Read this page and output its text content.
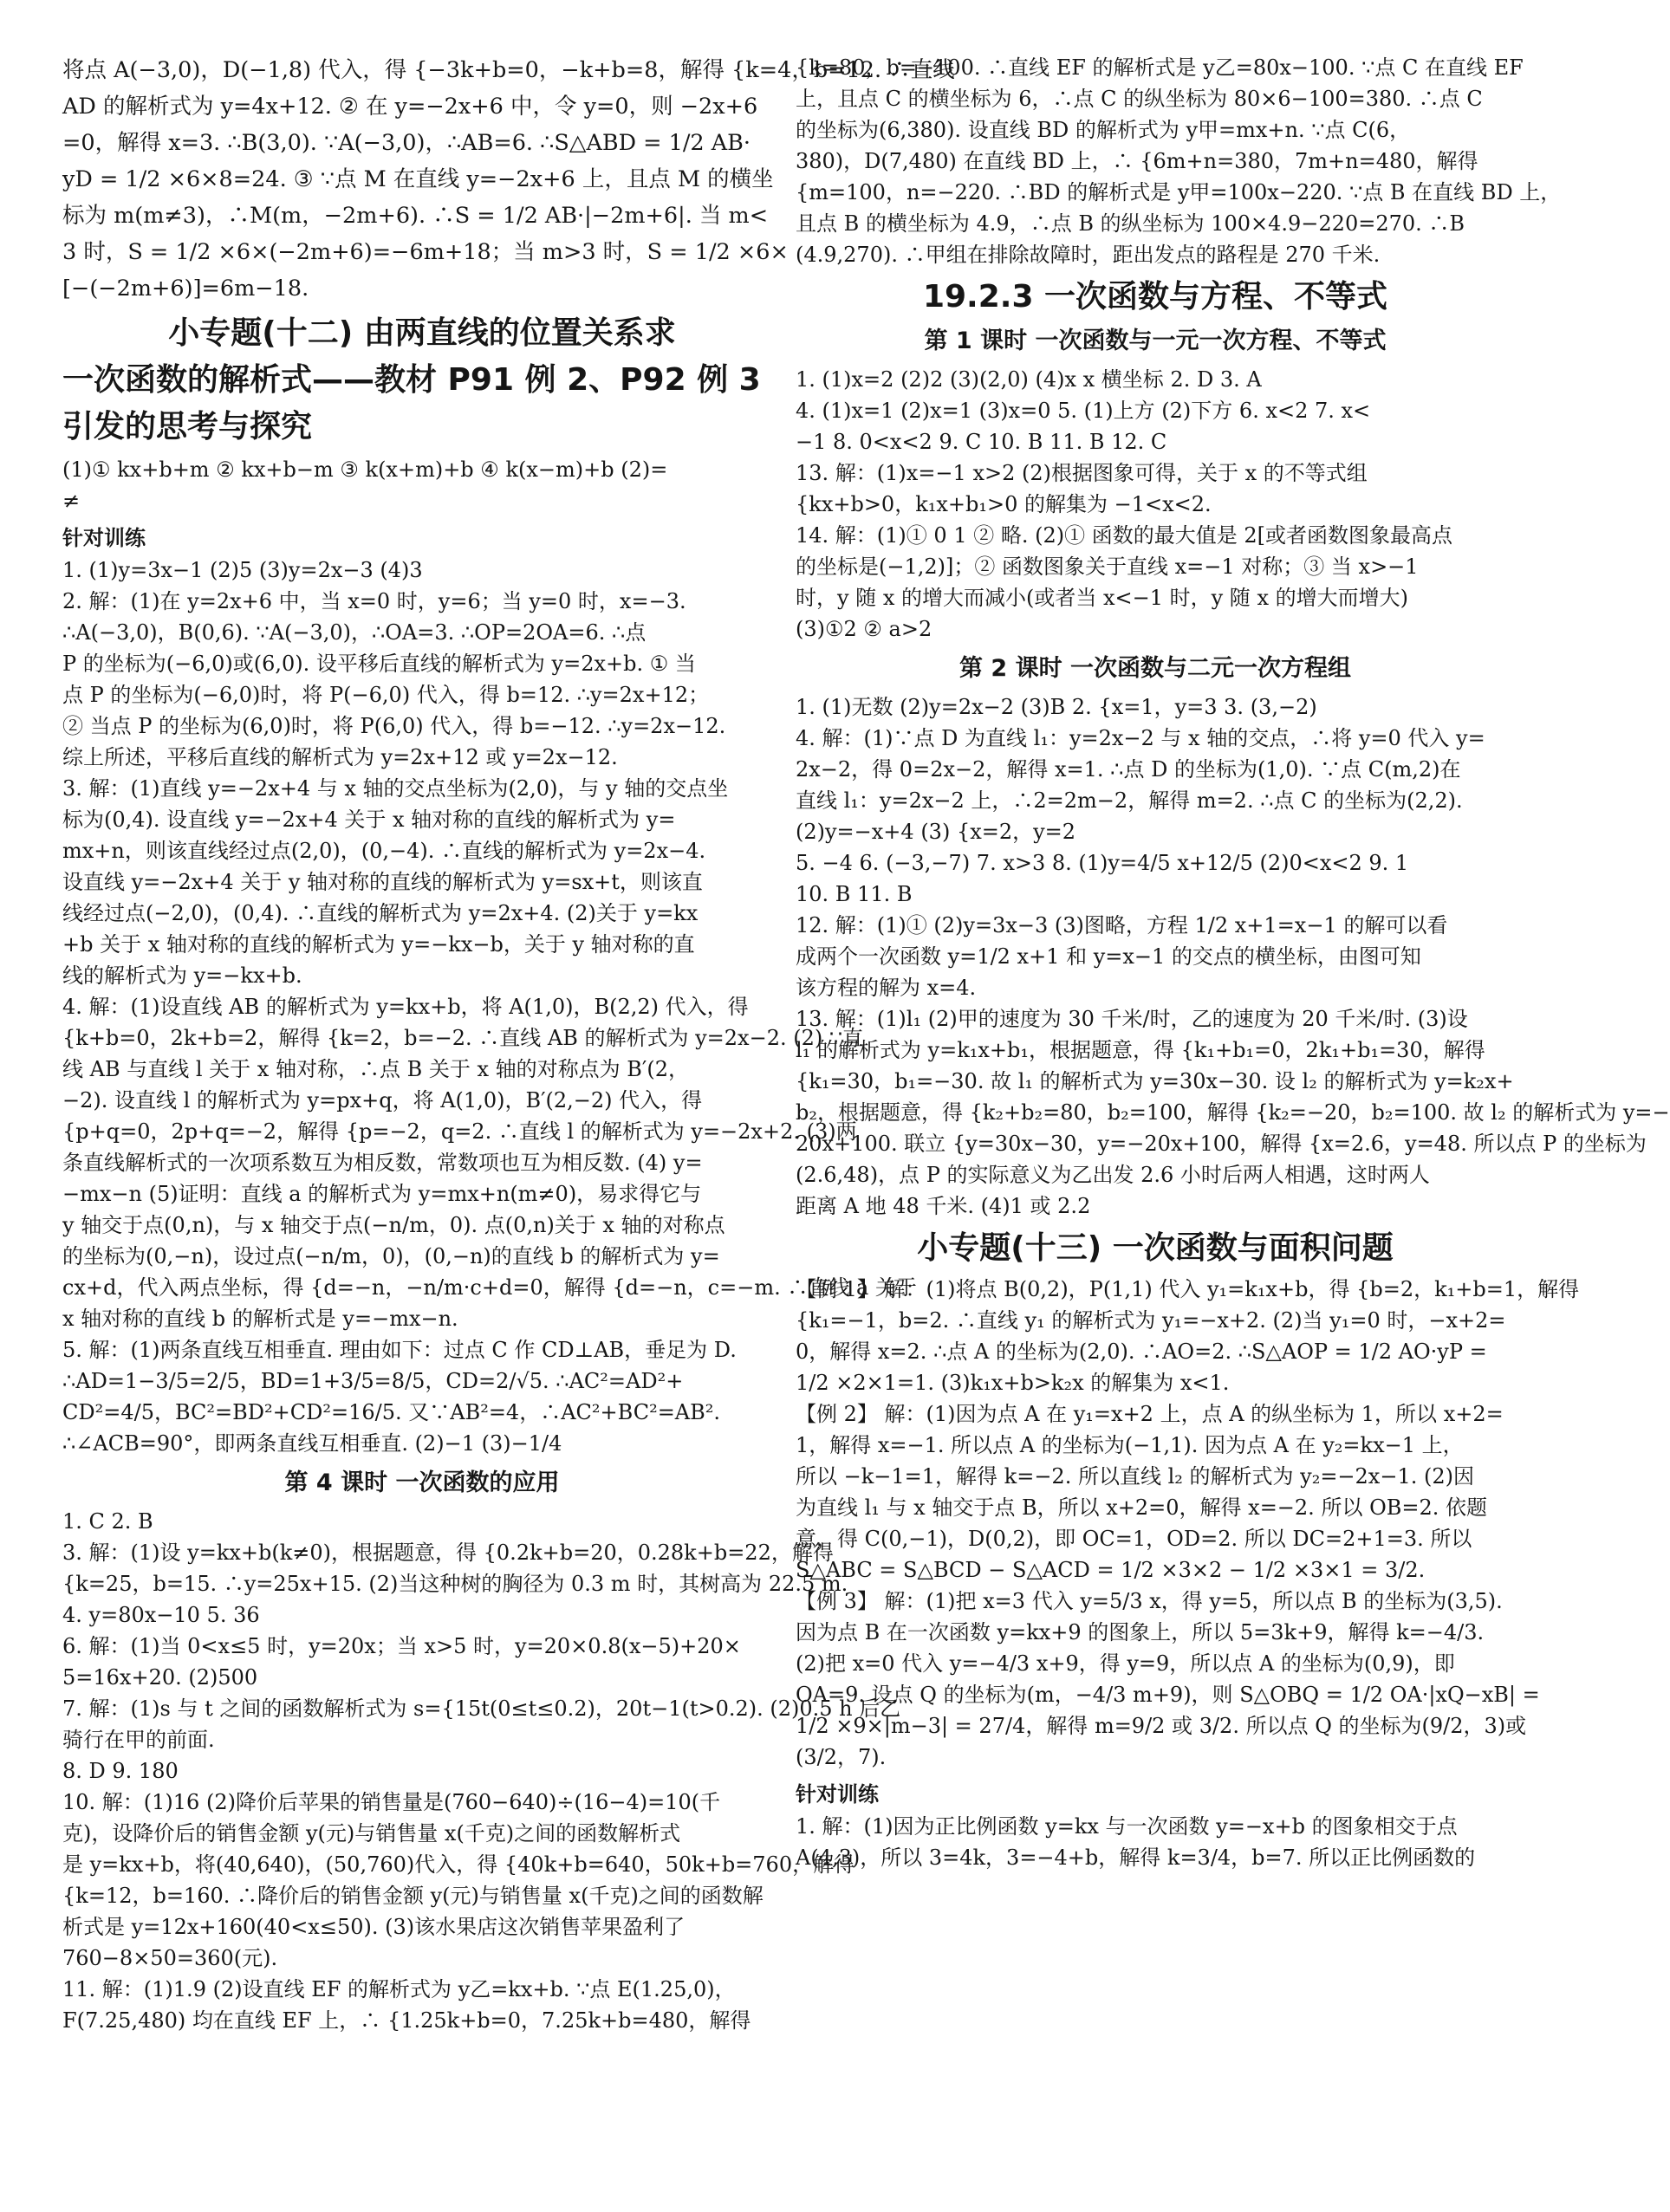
将点 A(−3,0)，D(−1,8) 代入，得 {−3k+b=0，−k+b=8，解得 {k=4，b=12. ∴直线

AD 的解析式为 y=4x+12. ② 在 y=−2x+6 中，令 y=0，则 −2x+6

=0，解得 x=3. ∴B(3,0). ∵A(−3,0)，∴AB=6. ∴S△ABD = 1/2 AB·

yD = 1/2 ×6×8=24. ③ ∵点 M 在直线 y=−2x+6 上，且点 M 的横坐

标为 m(m≠3)，∴M(m，−2m+6). ∴S = 1/2 AB·|−2m+6|. 当 m<

3 时，S = 1/2 ×6×(−2m+6)=−6m+18；当 m>3 时，S = 1/2 ×6×

[−(−2m+6)]=6m−18.

小专题(十二) 由两直线的位置关系求

一次函数的解析式——教材 P91 例 2、P92 例 3

引发的思考与探究

(1)① kx+b+m ② kx+b−m ③ k(x+m)+b ④ k(x−m)+b (2)=

≠

针对训练

1. (1)y=3x−1 (2)5 (3)y=2x−3 (4)3

2. 解：(1)在 y=2x+6 中，当 x=0 时，y=6；当 y=0 时，x=−3.

∴A(−3,0)，B(0,6). ∵A(−3,0)，∴OA=3. ∴OP=2OA=6. ∴点

P 的坐标为(−6,0)或(6,0). 设平移后直线的解析式为 y=2x+b. ① 当

点 P 的坐标为(−6,0)时，将 P(−6,0) 代入，得 b=12. ∴y=2x+12；

② 当点 P 的坐标为(6,0)时，将 P(6,0) 代入，得 b=−12. ∴y=2x−12.

综上所述，平移后直线的解析式为 y=2x+12 或 y=2x−12.

3. 解：(1)直线 y=−2x+4 与 x 轴的交点坐标为(2,0)，与 y 轴的交点坐

标为(0,4). 设直线 y=−2x+4 关于 x 轴对称的直线的解析式为 y=

mx+n，则该直线经过点(2,0)，(0,−4). ∴直线的解析式为 y=2x−4.

设直线 y=−2x+4 关于 y 轴对称的直线的解析式为 y=sx+t，则该直

线经过点(−2,0)，(0,4). ∴直线的解析式为 y=2x+4. (2)关于 y=kx

+b 关于 x 轴对称的直线的解析式为 y=−kx−b，关于 y 轴对称的直

线的解析式为 y=−kx+b.

4. 解：(1)设直线 AB 的解析式为 y=kx+b，将 A(1,0)，B(2,2) 代入，得

{k+b=0，2k+b=2，解得 {k=2，b=−2. ∴直线 AB 的解析式为 y=2x−2. (2) ∵直

线 AB 与直线 l 关于 x 轴对称，∴点 B 关于 x 轴的对称点为 B′(2，

−2). 设直线 l 的解析式为 y=px+q，将 A(1,0)，B′(2,−2) 代入，得

{p+q=0，2p+q=−2，解得 {p=−2，q=2. ∴直线 l 的解析式为 y=−2x+2. (3)两

条直线解析式的一次项系数互为相反数，常数项也互为相反数. (4) y=

−mx−n (5)证明：直线 a 的解析式为 y=mx+n(m≠0)，易求得它与

y 轴交于点(0,n)，与 x 轴交于点(−n/m，0). 点(0,n)关于 x 轴的对称点

的坐标为(0,−n)，设过点(−n/m，0)，(0,−n)的直线 b 的解析式为 y=

cx+d，代入两点坐标，得 {d=−n，−n/m·c+d=0，解得 {d=−n，c=−m. ∴直线 a 关于

x 轴对称的直线 b 的解析式是 y=−mx−n.

5. 解：(1)两条直线互相垂直. 理由如下：过点 C 作 CD⊥AB，垂足为 D.

∴AD=1−3/5=2/5，BD=1+3/5=8/5，CD=2/√5. ∴AC²=AD²+

CD²=4/5，BC²=BD²+CD²=16/5. 又∵AB²=4，∴AC²+BC²=AB².

∴∠ACB=90°，即两条直线互相垂直. (2)−1 (3)−1/4

第 4 课时 一次函数的应用

1. C 2. B

3. 解：(1)设 y=kx+b(k≠0)，根据题意，得 {0.2k+b=20，0.28k+b=22，解得

{k=25，b=15. ∴y=25x+15. (2)当这种树的胸径为 0.3 m 时，其树高为 22.5 m.

4. y=80x−10 5. 36

6. 解：(1)当 0<x≤5 时，y=20x；当 x>5 时，y=20×0.8(x−5)+20×

5=16x+20. (2)500

7. 解：(1)s 与 t 之间的函数解析式为 s={15t(0≤t≤0.2)，20t−1(t>0.2). (2)0.5 h 后乙

骑行在甲的前面.

8. D 9. 180

10. 解：(1)16 (2)降价后苹果的销售量是(760−640)÷(16−4)=10(千

克)，设降价后的销售金额 y(元)与销售量 x(千克)之间的函数解析式

是 y=kx+b，将(40,640)，(50,760)代入，得 {40k+b=640，50k+b=760，解得

{k=12，b=160. ∴降价后的销售金额 y(元)与销售量 x(千克)之间的函数解

析式是 y=12x+160(40<x≤50). (3)该水果店这次销售苹果盈利了

760−8×50=360(元).

11. 解：(1)1.9 (2)设直线 EF 的解析式为 y乙=kx+b. ∵点 E(1.25,0)，

F(7.25,480) 均在直线 EF 上，∴ {1.25k+b=0，7.25k+b=480，解得

{k=80，b=−100. ∴直线 EF 的解析式是 y乙=80x−100. ∵点 C 在直线 EF

上，且点 C 的横坐标为 6，∴点 C 的纵坐标为 80×6−100=380. ∴点 C

的坐标为(6,380). 设直线 BD 的解析式为 y甲=mx+n. ∵点 C(6，

380)，D(7,480) 在直线 BD 上，∴ {6m+n=380，7m+n=480，解得

{m=100，n=−220. ∴BD 的解析式是 y甲=100x−220. ∵点 B 在直线 BD 上，

且点 B 的横坐标为 4.9，∴点 B 的纵坐标为 100×4.9−220=270. ∴B

(4.9,270). ∴甲组在排除故障时，距出发点的路程是 270 千米.

19.2.3 一次函数与方程、不等式

第 1 课时 一次函数与一元一次方程、不等式

1. (1)x=2 (2)2 (3)(2,0) (4)x x 横坐标 2. D 3. A

4. (1)x=1 (2)x=1 (3)x=0 5. (1)上方 (2)下方 6. x<2 7. x<

−1 8. 0<x<2 9. C 10. B 11. B 12. C

13. 解：(1)x=−1 x>2 (2)根据图象可得，关于 x 的不等式组

{kx+b>0，k₁x+b₁>0 的解集为 −1<x<2.

14. 解：(1)① 0 1 ② 略. (2)① 函数的最大值是 2[或者函数图象最高点

的坐标是(−1,2)]；② 函数图象关于直线 x=−1 对称；③ 当 x>−1

时，y 随 x 的增大而减小(或者当 x<−1 时，y 随 x 的增大而增大)

(3)①2 ② a>2

第 2 课时 一次函数与二元一次方程组

1. (1)无数 (2)y=2x−2 (3)B 2. {x=1，y=3 3. (3,−2)

4. 解：(1)∵点 D 为直线 l₁：y=2x−2 与 x 轴的交点，∴将 y=0 代入 y=

2x−2，得 0=2x−2，解得 x=1. ∴点 D 的坐标为(1,0). ∵点 C(m,2)在

直线 l₁：y=2x−2 上，∴2=2m−2，解得 m=2. ∴点 C 的坐标为(2,2).

(2)y=−x+4 (3) {x=2，y=2

5. −4 6. (−3,−7) 7. x>3 8. (1)y=4/5 x+12/5 (2)0<x<2 9. 1

10. B 11. B

12. 解：(1)① (2)y=3x−3 (3)图略，方程 1/2 x+1=x−1 的解可以看

成两个一次函数 y=1/2 x+1 和 y=x−1 的交点的横坐标，由图可知

该方程的解为 x=4.

13. 解：(1)l₁ (2)甲的速度为 30 千米/时，乙的速度为 20 千米/时. (3)设

l₁ 的解析式为 y=k₁x+b₁，根据题意，得 {k₁+b₁=0，2k₁+b₁=30，解得

{k₁=30，b₁=−30. 故 l₁ 的解析式为 y=30x−30. 设 l₂ 的解析式为 y=k₂x+

b₂，根据题意，得 {k₂+b₂=80，b₂=100，解得 {k₂=−20，b₂=100. 故 l₂ 的解析式为 y=−

20x+100. 联立 {y=30x−30，y=−20x+100，解得 {x=2.6，y=48. 所以点 P 的坐标为

(2.6,48)，点 P 的实际意义为乙出发 2.6 小时后两人相遇，这时两人

距离 A 地 48 千米. (4)1 或 2.2

小专题(十三) 一次函数与面积问题

【例 1】 解：(1)将点 B(0,2)，P(1,1) 代入 y₁=k₁x+b，得 {b=2，k₁+b=1，解得

{k₁=−1，b=2. ∴直线 y₁ 的解析式为 y₁=−x+2. (2)当 y₁=0 时，−x+2=

0，解得 x=2. ∴点 A 的坐标为(2,0). ∴AO=2. ∴S△AOP = 1/2 AO·yP =

1/2 ×2×1=1. (3)k₁x+b>k₂x 的解集为 x<1.

【例 2】 解：(1)因为点 A 在 y₁=x+2 上，点 A 的纵坐标为 1，所以 x+2=

1，解得 x=−1. 所以点 A 的坐标为(−1,1). 因为点 A 在 y₂=kx−1 上，

所以 −k−1=1，解得 k=−2. 所以直线 l₂ 的解析式为 y₂=−2x−1. (2)因

为直线 l₁ 与 x 轴交于点 B，所以 x+2=0，解得 x=−2. 所以 OB=2. 依题

意，得 C(0,−1)，D(0,2)，即 OC=1，OD=2. 所以 DC=2+1=3. 所以

S△ABC = S△BCD − S△ACD = 1/2 ×3×2 − 1/2 ×3×1 = 3/2.

【例 3】 解：(1)把 x=3 代入 y=5/3 x，得 y=5，所以点 B 的坐标为(3,5).

因为点 B 在一次函数 y=kx+9 的图象上，所以 5=3k+9，解得 k=−4/3.

(2)把 x=0 代入 y=−4/3 x+9，得 y=9，所以点 A 的坐标为(0,9)，即

OA=9. 设点 Q 的坐标为(m，−4/3 m+9)，则 S△OBQ = 1/2 OA·|xQ−xB| =

1/2 ×9×|m−3| = 27/4，解得 m=9/2 或 3/2. 所以点 Q 的坐标为(9/2，3)或

(3/2，7).

针对训练

1. 解：(1)因为正比例函数 y=kx 与一次函数 y=−x+b 的图象相交于点

A(4,3)，所以 3=4k，3=−4+b，解得 k=3/4，b=7. 所以正比例函数的
